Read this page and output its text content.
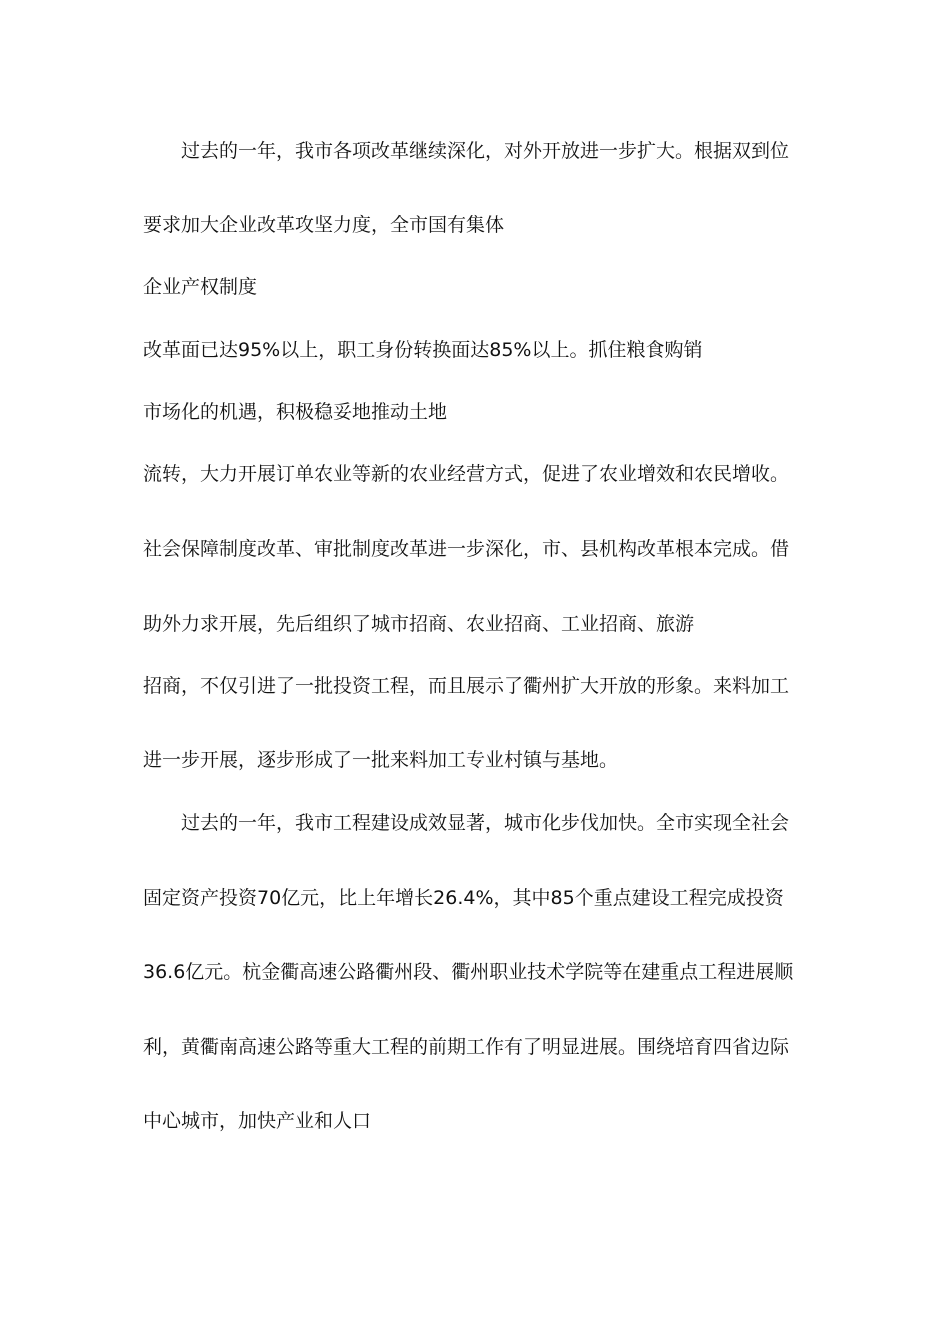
过去的一年，我市各项改革继续深化，对外开放进一步扩大。根据双到位
要求加大企业改革攻坚力度，全市国有集体
企业产权制度
改革面已达95%以上，职工身份转换面达85%以上。抓住粮食购销
市场化的机遇，积极稳妥地推动土地
流转，大力开展订单农业等新的农业经营方式，促进了农业增效和农民增收。
社会保障制度改革、审批制度改革进一步深化，市、县机构改革根本完成。借
助外力求开展，先后组织了城市招商、农业招商、工业招商、旅游
招商，不仅引进了一批投资工程，而且展示了衢州扩大开放的形象。来料加工
进一步开展，逐步形成了一批来料加工专业村镇与基地。
过去的一年，我市工程建设成效显著，城市化步伐加快。全市实现全社会
固定资产投资70亿元，比上年增长26.4%，其中85个重点建设工程完成投资
36.6亿元。杭金衢高速公路衢州段、衢州职业技术学院等在建重点工程进展顺
利，黄衢南高速公路等重大工程的前期工作有了明显进展。围绕培育四省边际
中心城市，加快产业和人口
